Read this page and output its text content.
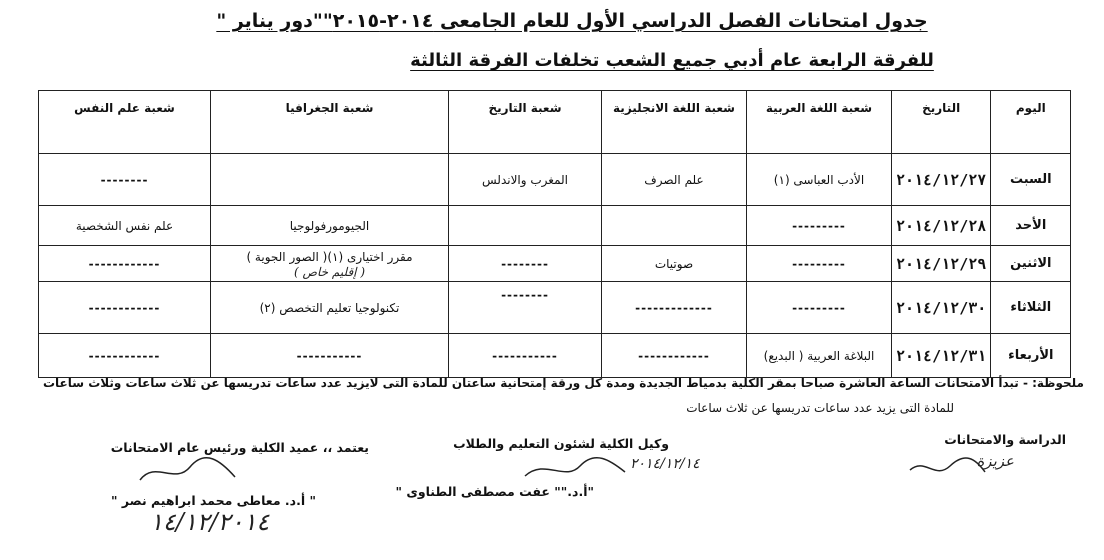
جدول امتحانات الفصل الدراسي الأول للعام الجامعى ٢٠١٤-٢٠١٥""دور يناير "
للفرقة الرابعة عام أدبي جميع الشعب تخلفات الفرقة الثالثة
اليوم	التاريخ	شعبة اللغة العربية	شعبة اللغة الانجليزية	شعبة التاريخ	شعبة الجغرافيا	شعبة علم النفس
السبت	٢٠١٤/١٢/٢٧	الأدب العباسى (١)	علم الصرف	المغرب والاندلس		--------
الأحد	٢٠١٤/١٢/٢٨	---------			الجيومورفولوجيا	علم نفس الشخصية
الاثنين	٢٠١٤/١٢/٢٩	---------	صوتيات	--------	مقرر اختيارى (١)( الصور الجوية )
( إقليم خاص )	------------
الثلاثاء	٢٠١٤/١٢/٣٠	---------	-------------	--------	تكنولوجيا تعليم التخصص (٢)	------------
الأربعاء	٢٠١٤/١٢/٣١	البلاغة العربية ( البديع)	------------	-----------	-----------	------------
ملحوظة: - تبدأ الامتحانات الساعة العاشرة صباحا بمقر الكلية بدمياط الجديدة ومدة كل ورقة إمتحانية ساعتان للمادة التى لايزيد عدد ساعات تدريسها عن ثلاث ساعات وثلاث ساعات
للمادة التى يزيد عدد ساعات تدريسها عن ثلاث ساعات
الدراسة والامتحانات
عزيزة
وكيل الكلية لشئون التعليم والطلاب
٢٠١٤/١٢/١٤
"أ.د."" عفت مصطفى الطناوى "
يعتمد ،، عميد الكلية ورئيس عام الامتحانات
" أ.د. معاطى محمد ابراهيم نصر "
١٤/١٢/٢٠١٤
